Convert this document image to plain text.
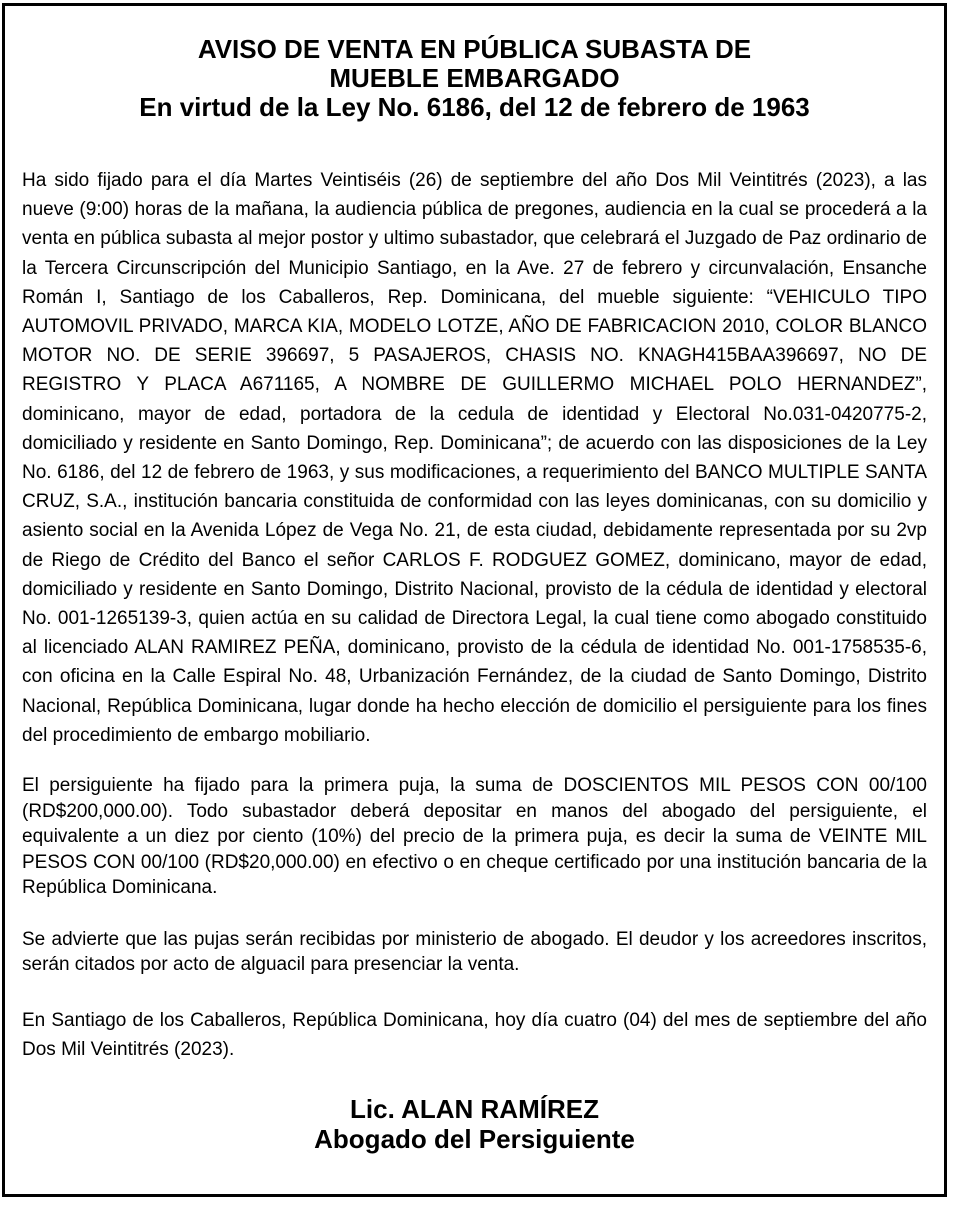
AVISO DE VENTA EN PÚBLICA SUBASTA DE
MUEBLE EMBARGADO
En virtud de la Ley No. 6186, del 12 de febrero de 1963

Ha sido fijado para el día Martes Veintiséis (26) de septiembre del año Dos Mil Veintitrés (2023), a las nueve (9:00) horas de la mañana, la audiencia pública de pregones, audiencia en la cual se procederá a la venta en pública subasta al mejor postor y ultimo subastador, que celebrará el Juzgado de Paz ordinario de la Tercera Circunscripción del Municipio Santiago, en la Ave. 27 de febrero y circunvalación, Ensanche Román I, Santiago de los Caballeros, Rep. Dominicana, del mueble siguiente: “VEHICULO TIPO AUTOMOVIL PRIVADO, MARCA KIA, MODELO LOTZE, AÑO DE FABRICACION 2010, COLOR BLANCO MOTOR NO. DE SERIE 396697, 5 PASAJEROS, CHASIS NO. KNAGH415BAA396697, NO DE REGISTRO Y PLACA A671165, A NOMBRE DE GUILLERMO MICHAEL POLO HERNANDEZ”, dominicano, mayor de edad, portadora de la cedula de identidad y Electoral No.031-0420775-2, domiciliado y residente en Santo Domingo, Rep. Dominicana”; de acuerdo con las disposiciones de la Ley No. 6186, del 12 de febrero de 1963, y sus modificaciones, a requerimiento del BANCO MULTIPLE SANTA CRUZ, S.A., institución bancaria constituida de conformidad con las leyes dominicanas, con su domicilio y asiento social en la Avenida López de Vega No. 21, de esta ciudad, debidamente representada por su 2vp de Riego de Crédito del Banco el señor CARLOS F. RODGUEZ GOMEZ, dominicano, mayor de edad, domiciliado y residente en Santo Domingo, Distrito Nacional, provisto de la cédula de identidad y electoral No. 001-1265139-3, quien actúa en su calidad de Directora Legal, la cual tiene como abogado constituido al licenciado ALAN RAMIREZ PEÑA, dominicano, provisto de la cédula de identidad No. 001-1758535-6, con oficina en la Calle Espiral No. 48, Urbanización Fernández, de la ciudad de Santo Domingo, Distrito Nacional, República Dominicana, lugar donde ha hecho elección de domicilio el persiguiente para los fines del procedimiento de embargo mobiliario.

El persiguiente ha fijado para la primera puja, la suma de DOSCIENTOS MIL PESOS CON 00/100 (RD$200,000.00). Todo subastador deberá depositar en manos del abogado del persiguiente, el equivalente a un diez por ciento (10%) del precio de la primera puja, es decir la suma de VEINTE MIL PESOS CON 00/100 (RD$20,000.00) en efectivo o en cheque certificado por una institución bancaria de la República Dominicana.

Se advierte que las pujas serán recibidas por ministerio de abogado. El deudor y los acreedores inscritos, serán citados por acto de alguacil para presenciar la venta.

En Santiago de los Caballeros, República Dominicana, hoy día cuatro (04) del mes de septiembre del año Dos Mil Veintitrés (2023).

Lic. ALAN RAMÍREZ
Abogado del Persiguiente
